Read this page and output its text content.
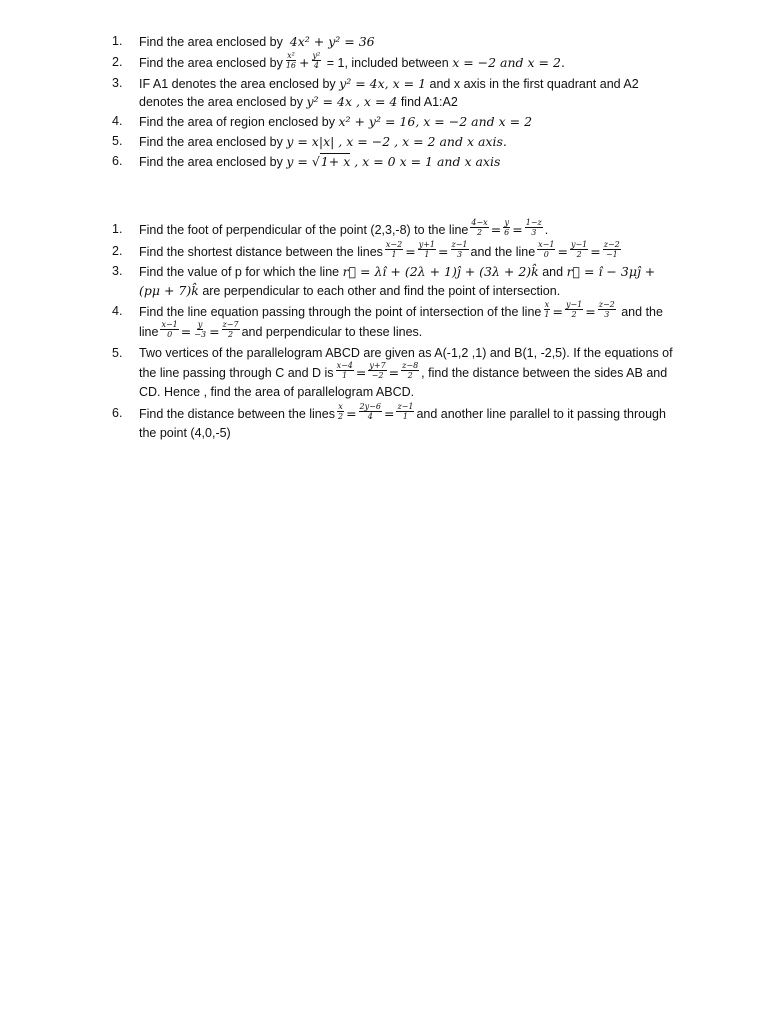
1.	Find the area enclosed by 4x² + y² = 36
2.	Find the area enclosed by $\frac{\text{x²}}{16} + \frac{\text{y²}}{4} = 1$, included between x = −2 and x = 2.
3.	IF A1 denotes the area enclosed by y² = 4x, x = 1 and x axis in the first quadrant and A2 denotes the area enclosed by y² = 4x , x = 4 find A1:A2
4.	Find the area of region enclosed by x² + y² = 16, x = −2 and x = 2
5.	Find the area enclosed by y = x|x| , x = −2 , x = 2 and x axis.
6.	Find the area enclosed by y = √1+ x , x = 0 x = 1 and x axis
1.	Find the foot of perpendicular of the point (2,3,-8) to the line $\frac{4-x}{2} = \frac{y}{6} = \frac{1-z}{3}$ .
2.	Find the shortest distance between the lines $\frac{x-2}{1} = \frac{y+1}{1} = \frac{z-1}{3}$ and the line $\frac{x-1}{0} = \frac{y-1}{2} = \frac{z-2}{-1}$
3.	Find the value of p for which the line r⃗ = λî + (2λ + 1)ĵ + (3λ + 2)k̂ and r⃗ = î − 3μĵ + (pμ + 7)k̂ are perpendicular to each other and find the point of intersection.
4.	Find the line equation passing through the point of intersection of the line $\frac{x}{1} = \frac{y-1}{2} = \frac{z-2}{3}$ and the line $\frac{x-1}{0} = \frac{y}{-3} = \frac{z-7}{2}$ and perpendicular to these lines.
5.	Two vertices of the parallelogram ABCD are given as A(-1,2 ,1) and B(1, -2,5). If the equations of the line passing through C and D is $\frac{x-4}{1} = \frac{y+7}{-2} = \frac{z-8}{2}$ , find the distance between the sides AB and CD. Hence , find the area of parallelogram ABCD.
6.	Find the distance between the lines $\frac{x}{2} = \frac{2y-6}{4} = \frac{z-1}{1}$ and another line parallel to it passing through the point (4,0,-5)
